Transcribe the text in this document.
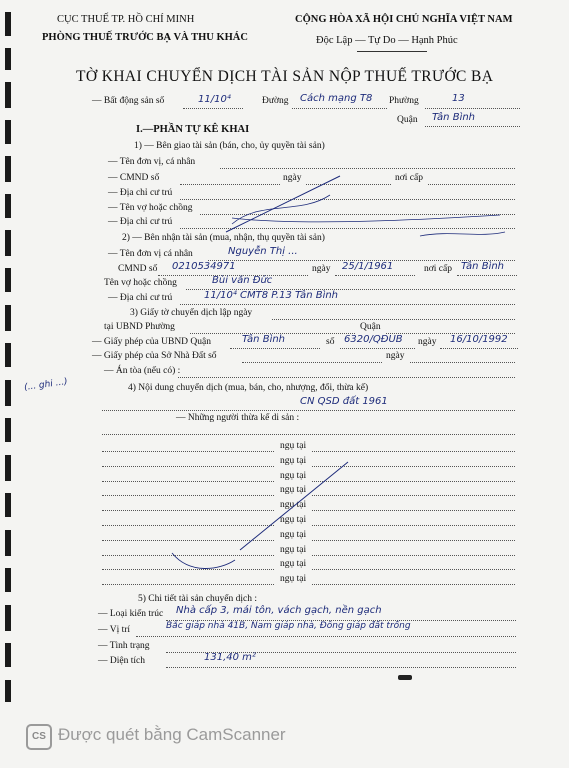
CỤC THUẾ TP. HỒ CHÍ MINH
PHÒNG THUẾ TRƯỚC BẠ VÀ THU KHÁC
CỘNG HÒA XÃ HỘI CHỦ NGHĨA VIỆT NAM
Độc Lập — Tự Do — Hạnh Phúc
TỜ KHAI CHUYỂN DỊCH TÀI SẢN NỘP THUẾ TRƯỚC BẠ
— Bất động sản số	11/10⁴	Đường Cách mạng T8 Phường	13
Quận Tân Bình
I.—PHẦN TỰ KÊ KHAI
1) — Bên giao tài sản (bán, cho, ủy quyền tài sản)
— Tên đơn vị, cá nhân
— CMND số	ngày	nơi cấp
— Địa chỉ cư trú
— Tên vợ hoặc chồng
— Địa chỉ cư trú
2) — Bên nhận tài sản (mua, nhận, thụ quyền tài sản)
— Tên đơn vị cá nhân	Nguyễn Thị ...
CMND số 0210534971	ngày 25/1/1961	nơi cấp Tân Bình
Tên vợ hoặc chồng	Bùi văn Đức
— Địa chỉ cư trú	11/10⁴ CMT8 P.13 Tân Bình
3) Giấy tờ chuyển dịch lập ngày
tại UBND Phường	Quận
— Giấy phép của UBND Quận	Tân Bình	số 6320/QĐUB ngày 16/10/1992
— Giấy phép của Sở Nhà Đất số	ngày
— Án tòa (nếu có) :
(... ghi ...)	4) Nội dung chuyển dịch (mua, bán, cho, nhượng, đổi, thừa kế)
CN QSD đất 1961
— Những người thừa kế di sản :
ngụ tại
ngụ tại
ngụ tại
ngụ tại
ngụ tại
ngụ tại
ngụ tại
ngụ tại
ngụ tại
ngụ tại
5) Chi tiết tài sản chuyển dịch :
— Loại kiến trúc Nhà cấp 3, mái tôn, vách gạch, nền gạch
— Vị trí	Bắc giáp nhà 41B, Nam giáp nhà, Đông giáp đất trống
— Tình trạng
— Diện tích	131,40 m²
CS Được quét bằng CamScanner
